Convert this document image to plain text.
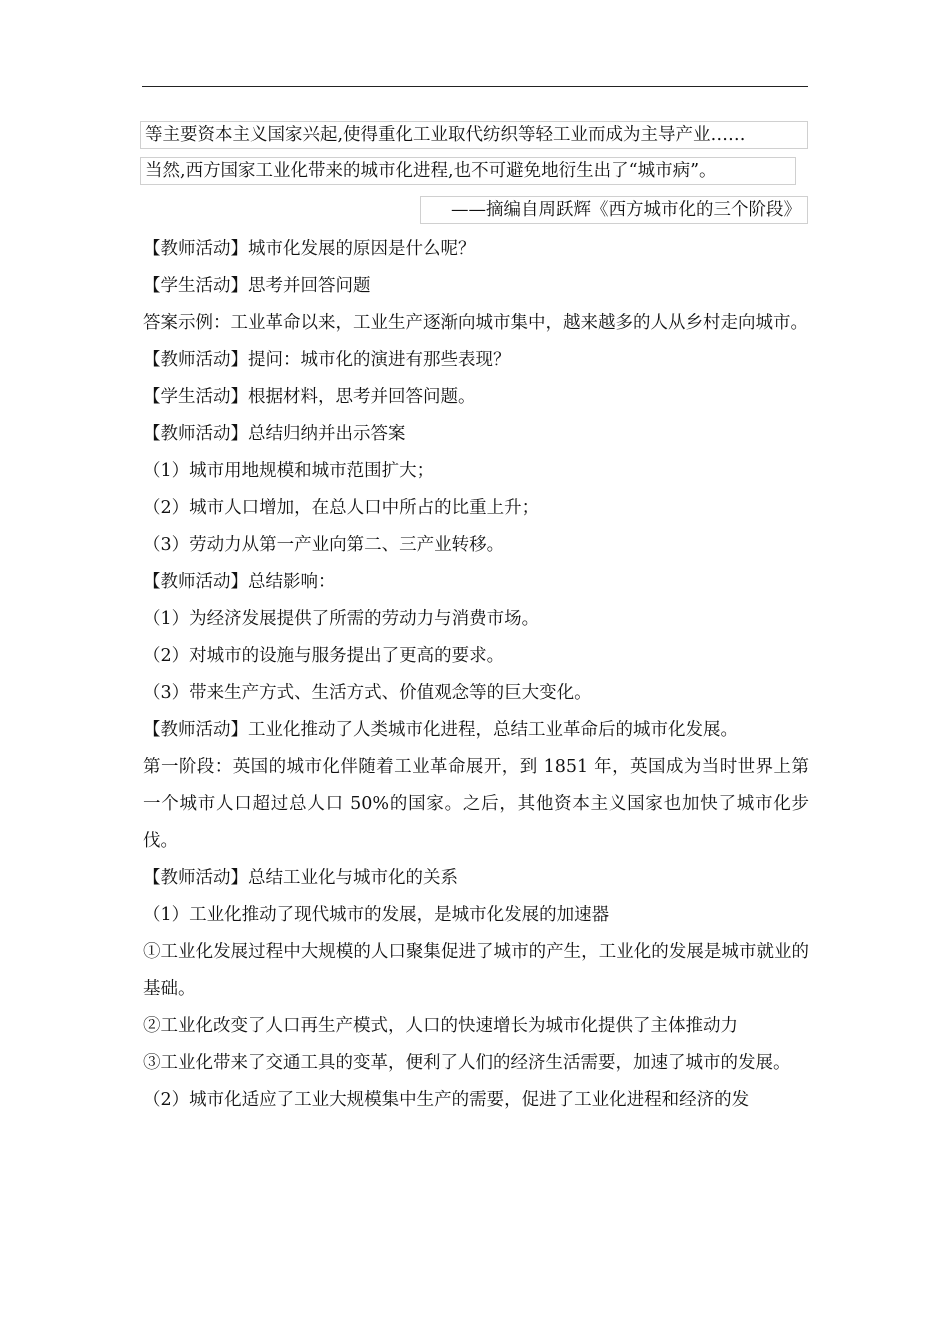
等主要资本主义国家兴起,使得重化工业取代纺织等轻工业而成为主导产业……
当然,西方国家工业化带来的城市化进程,也不可避免地衍生出了“城市病”。
——摘编自周跃辉《西方城市化的三个阶段》

【教师活动】城市化发展的原因是什么呢？

【学生活动】思考并回答问题

答案示例：工业革命以来，工业生产逐渐向城市集中，越来越多的人从乡村走向城市。

【教师活动】提问：城市化的演进有那些表现？

【学生活动】根据材料，思考并回答问题。

【教师活动】总结归纳并出示答案

（1）城市用地规模和城市范围扩大；

（2）城市人口增加，在总人口中所占的比重上升；

（3）劳动力从第一产业向第二、三产业转移。

【教师活动】总结影响：

（1）为经济发展提供了所需的劳动力与消费市场。

（2）对城市的设施与服务提出了更高的要求。

（3）带来生产方式、生活方式、价值观念等的巨大变化。

【教师活动】工业化推动了人类城市化进程，总结工业革命后的城市化发展。

第一阶段：英国的城市化伴随着工业革命展开，到 1851 年，英国成为当时世界上第一个城市人口超过总人口 50%的国家。之后，其他资本主义国家也加快了城市化步伐。

【教师活动】总结工业化与城市化的关系

（1）工业化推动了现代城市的发展，是城市化发展的加速器

①工业化发展过程中大规模的人口聚集促进了城市的产生，工业化的发展是城市就业的基础。

②工业化改变了人口再生产模式，人口的快速增长为城市化提供了主体推动力

③工业化带来了交通工具的变革，便利了人们的经济生活需要，加速了城市的发展。

（2）城市化适应了工业大规模集中生产的需要，促进了工业化进程和经济的发
